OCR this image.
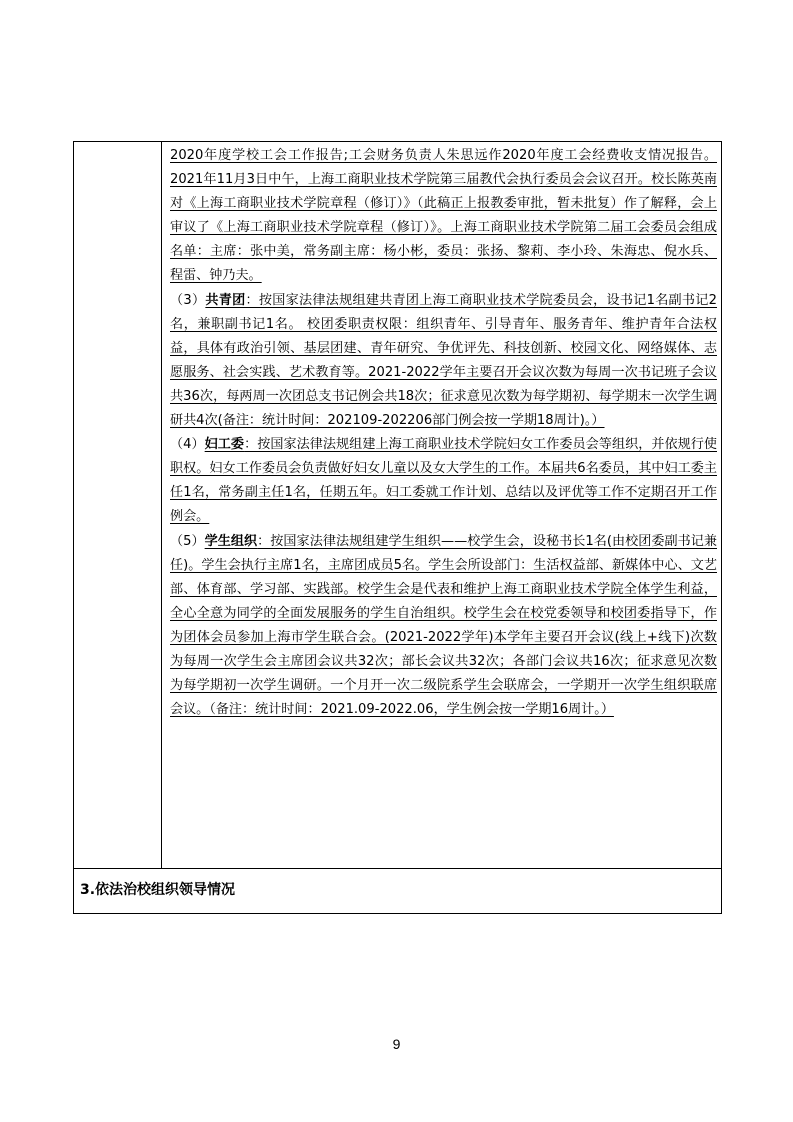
2020年度学校工会工作报告;工会财务负责人朱思远作2020年度工会经费收支情况报告。2021年11月3日中午，上海工商职业技术学院第三届教代会执行委员会会议召开。校长陈英南对《上海工商职业技术学院章程（修订）》（此稿正上报教委审批，暂未批复）作了解释，会上审议了《上海工商职业技术学院章程（修订）》。上海工商职业技术学院第二届工会委员会组成名单：主席：张中美，常务副主席：杨小彬，委员：张扬、黎莉、李小玲、朱海忠、倪水兵、程雷、钟乃夫。

（3）共青团：按国家法律法规组建共青团上海工商职业技术学院委员会，设书记1名副书记2名，兼职副书记1名。 校团委职责权限：组织青年、引导青年、服务青年、维护青年合法权益，具体有政治引领、基层团建、青年研究、争优评先、科技创新、校园文化、网络媒体、志愿服务、社会实践、艺术教育等。2021-2022学年主要召开会议次数为每周一次书记班子会议共36次，每两周一次团总支书记例会共18次；征求意见次数为每学期初、每学期末一次学生调研共4次(备注：统计时间：202109-202206部门例会按一学期18周计)。）

（4）妇工委：按国家法律法规组建上海工商职业技术学院妇女工作委员会等组织，并依规行使职权。妇女工作委员会负责做好妇女儿童以及女大学生的工作。本届共6名委员，其中妇工委主任1名，常务副主任1名，任期五年。妇工委就工作计划、总结以及评优等工作不定期召开工作例会。

（5）学生组织：按国家法律法规组建学生组织——校学生会，设秘书长1名(由校团委副书记兼任)。学生会执行主席1名，主席团成员5名。学生会所设部门：生活权益部、新媒体中心、文艺部、体育部、学习部、实践部。校学生会是代表和维护上海工商职业技术学院全体学生利益，全心全意为同学的全面发展服务的学生自治组织。校学生会在校党委领导和校团委指导下，作为团体会员参加上海市学生联合会。(2021-2022学年)本学年主要召开会议(线上+线下)次数为每周一次学生会主席团会议共32次；部长会议共32次；各部门会议共16次；征求意见次数为每学期初一次学生调研。一个月开一次二级院系学生会联席会，一学期开一次学生组织联席会议。（备注：统计时间：2021.09-2022.06，学生例会按一学期16周计。）

3.依法治校组织领导情况
9
